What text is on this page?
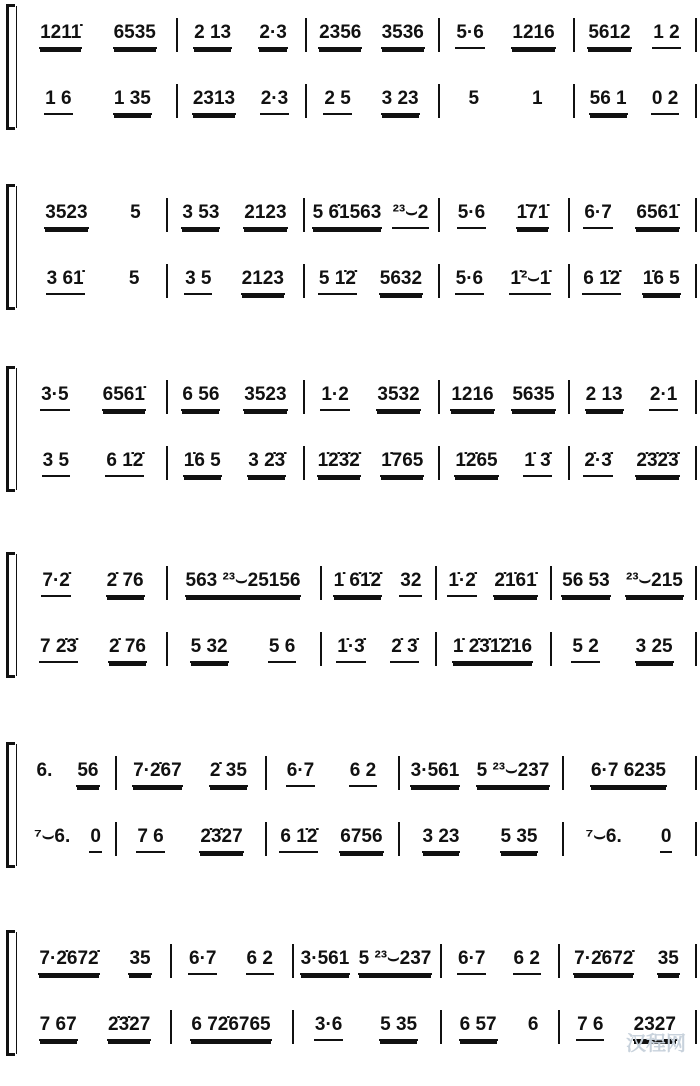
1211̇ 6535 2 13 2·3 2356 3536 5·6 1216 5612 1 2
1 6 1 35 2313 2·3 2 5 3 23	5	1 56 1 0 2
3523 5 3 53 2123 5 6̇1563 ²³⌣2 5·6 1̇71̇ 6·7 6561̇
3 61̇ 5 3 5 2123 5 1̇2̇ 5632 5·6 1̇²⌣1̇ 6 1̇2̇ 1̇6 5
3·5 6561̇ 6 56 3523 1·2 3532 1216 5635 2 13 2·1
3 5 6 1̇2̇ 1̇6 5 3 2̇3̇ 1̇2̇3̇2̇ 1̇765 1̇2̇65 1̇ 3̇ 2̇·3̇ 2̇3̇2̇3̇
7·2̇ 2̇ 76 563 ²³⌣25156 1̇ 6̇1̇2̇ 32 1̇·2̇ 2̇1̇61̇ 56 53 ²³⌣215
7 2̇3̇ 2̇ 76 5 32 5 6 1̇·3̇ 2̇ 3̇ 1̇ 2̇3̇1̇2̇16 5 2 3 25
6. 56 7·2̇67 2̇ 35 6·7 6 2 3·561 5 ²³⌣237 6·7 6235
⁷⌣6. 0 7 6 2̇3̇27 6 1̇2̇ 6756 3 23 5 35	⁷⌣6. 0
7·2̇672̇ 35 6·7 6 2 3·561 5 ²³⌣237 6·7 6 2 7·2̇672̇ 35
7 67 2̇3̇27 6 72̇6765 3·6 5 35 6 57 6 7 6 2327
汉程网
